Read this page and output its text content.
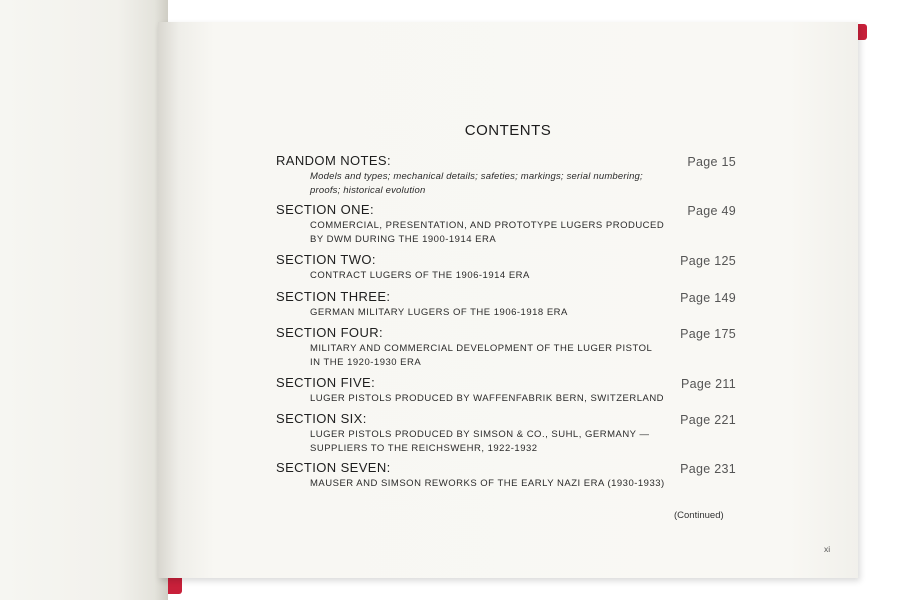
CONTENTS
RANDOM NOTES:	Page 15
Models and types; mechanical details; safeties; markings; serial numbering;
proofs; historical evolution
SECTION ONE:	Page 49
COMMERCIAL, PRESENTATION, AND PROTOTYPE LUGERS PRODUCED
BY DWM DURING THE 1900-1914 ERA
SECTION TWO:	Page 125
CONTRACT LUGERS OF THE 1906-1914 ERA
SECTION THREE:	Page 149
GERMAN MILITARY LUGERS OF THE 1906-1918 ERA
SECTION FOUR:	Page 175
MILITARY AND COMMERCIAL DEVELOPMENT OF THE LUGER PISTOL
IN THE 1920-1930 ERA
SECTION FIVE:	Page 211
LUGER PISTOLS PRODUCED BY WAFFENFABRIK BERN, SWITZERLAND
SECTION SIX:	Page 221
LUGER PISTOLS PRODUCED BY SIMSON & CO., SUHL, GERMANY —
SUPPLIERS TO THE REICHSWEHR, 1922-1932
SECTION SEVEN:	Page 231
MAUSER AND SIMSON REWORKS OF THE EARLY NAZI ERA (1930-1933)
(Continued)
xi
